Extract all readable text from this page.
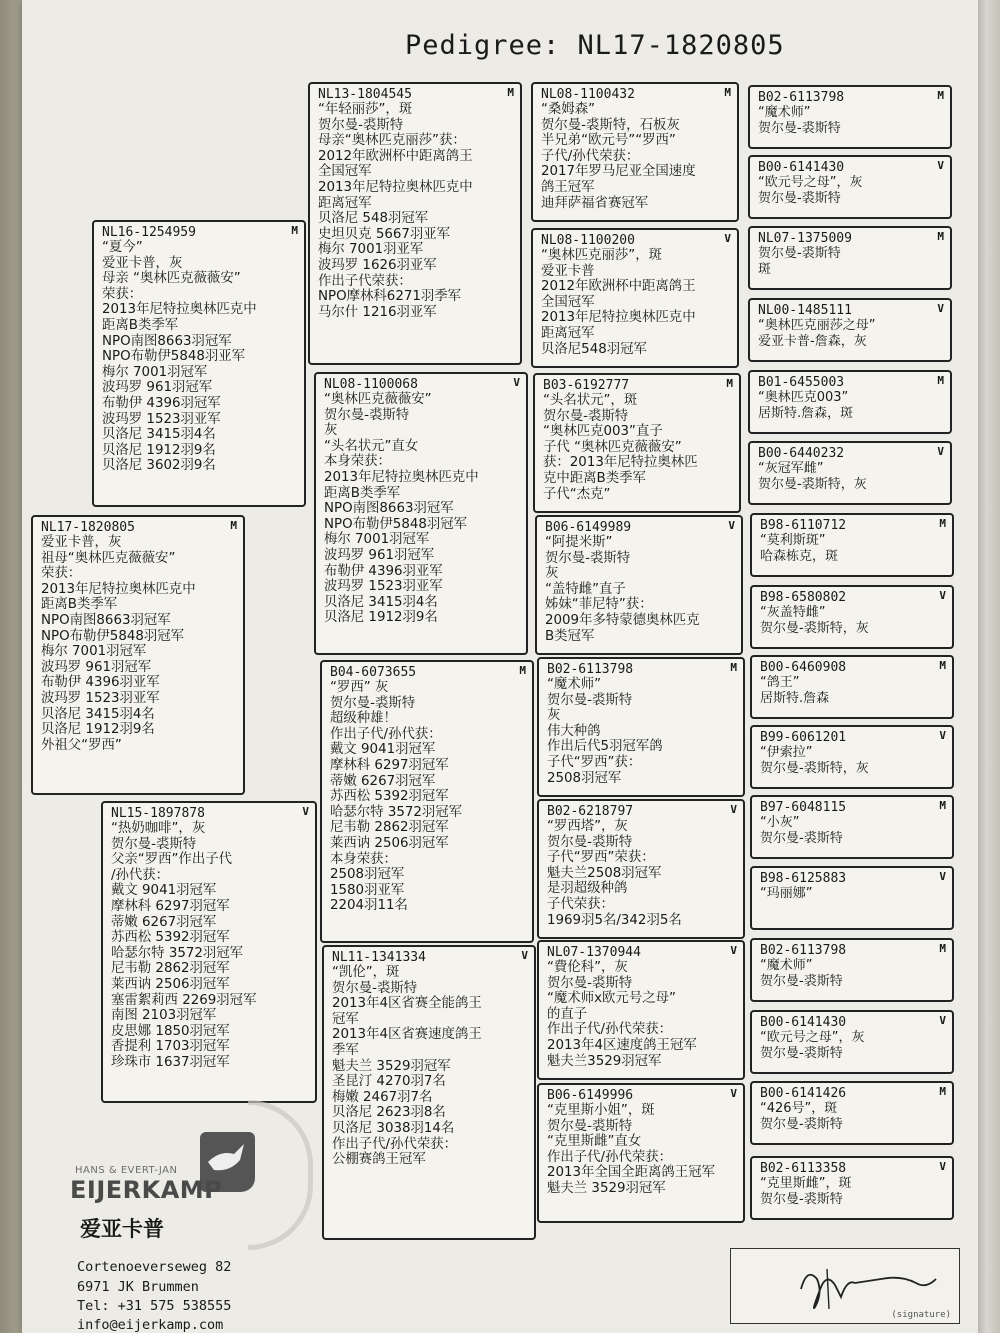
Pedigree: NL17-1820805
NL17-1820805	M
爱亚卡普，灰
祖母“奥林匹克薇薇安”
荣获：
2013年尼特拉奥林匹克中
距离B类季军
NPO南图8663羽冠军
NPO布勒伊5848羽冠军
梅尔 7001羽冠军
波玛罗 961羽冠军
布勒伊 4396羽亚军
波玛罗 1523羽亚军
贝洛尼 3415羽4名
贝洛尼 1912羽9名
外祖父“罗西”
NL16-1254959	M
“夏今”
爱亚卡普，灰
母亲 “奥林匹克薇薇安”
荣获：
2013年尼特拉奥林匹克中
距离B类季军
NPO南图8663羽冠军
NPO布勒伊5848羽亚军
梅尔 7001羽冠军
波玛罗 961羽冠军
布勒伊 4396羽冠军
波玛罗 1523羽亚军
贝洛尼 3415羽4名
贝洛尼 1912羽9名
贝洛尼 3602羽9名
NL15-1897878	V
“热奶咖啡”，灰
贺尔曼-裘斯特
父亲“罗西”作出子代
/孙代获：
戴文 9041羽冠军
摩林科 6297羽冠军
蒂嫩 6267羽冠军
苏西松 5392羽冠军
哈瑟尔特 3572羽冠军
尼韦勒 2862羽冠军
莱西讷 2506羽冠军
塞雷絮莉西 2269羽冠军
南图 2103羽冠军
皮思娜 1850羽冠军
香提利 1703羽冠军
珍珠市 1637羽冠军
NL13-1804545	M
“年轻丽莎”，斑
贺尔曼-裘斯特
母亲“奥林匹克丽莎”获：
2012年欧洲杯中距离鸽王
全国冠军
2013年尼特拉奥林匹克中
距离冠军
贝洛尼 548羽冠军
史坦贝克 5667羽亚军
梅尔 7001羽亚军
波玛罗 1626羽亚军
作出子代荣获：
NPO摩林科6271羽季军
马尔什 1216羽亚军
NL08-1100068	V
“奥林匹克薇薇安”
贺尔曼-裘斯特
灰
“头名状元”直女
本身荣获：
2013年尼特拉奥林匹克中
距离B类季军
NPO南图8663羽冠军
NPO布勒伊5848羽冠军
梅尔 7001羽冠军
波玛罗 961羽冠军
布勒伊 4396羽亚军
波玛罗 1523羽亚军
贝洛尼 3415羽4名
贝洛尼 1912羽9名
B04-6073655	M
“罗西” 灰
贺尔曼-裘斯特
超级种雄！
作出子代/孙代获：
戴文 9041羽冠军
摩林科 6297羽冠军
蒂嫩 6267羽冠军
苏西松 5392羽冠军
哈瑟尔特 3572羽冠军
尼韦勒 2862羽冠军
莱西讷 2506羽冠军
本身荣获：
2508羽冠军
1580羽亚军
2204羽11名
NL11-1341334	V
“凯伦”，斑
贺尔曼-裘斯特
2013年4区省赛全能鸽王
冠军
2013年4区省赛速度鸽王
季军
魁夫兰 3529羽冠军
圣昆汀 4270羽7名
梅嫩 2467羽7名
贝洛尼 2623羽8名
贝洛尼 3038羽14名
作出子代/孙代荣获：
公棚赛鸽王冠军
NL08-1100432	M
“桑姆森”
贺尔曼-裘斯特，石板灰
半兄弟“欧元号”“罗西”
子代/孙代荣获：
2017年罗马尼亚全国速度
鸽王冠军
迪拜萨福省赛冠军
NL08-1100200	V
“奥林匹克丽莎”，斑
爱亚卡普
2012年欧洲杯中距离鸽王
全国冠军
2013年尼特拉奥林匹克中
距离冠军
贝洛尼548羽冠军
B03-6192777	M
“头名状元”，斑
贺尔曼-裘斯特
“奥林匹克003”直子
子代 “奥林匹克薇薇安”
获：2013年尼特拉奥林匹
克中距离B类季军
子代“杰克”
B06-6149989	V
“阿提米斯”
贺尔曼-裘斯特
灰
“盖特雌”直子
姊妹“菲尼特”获：
2009年多特蒙德奥林匹克
B类冠军
B02-6113798	M
“魔术师”
贺尔曼-裘斯特
灰
伟大种鸽
作出后代5羽冠军鸽
子代“罗西”获：
2508羽冠军
B02-6218797	V
“罗西塔”，灰
贺尔曼-裘斯特
子代“罗西”荣获：
魁夫兰2508羽冠军
是羽超级种鸽
子代荣获：
1969羽5名/342羽5名
NL07-1370944	V
“費伦科”，灰
贺尔曼-裘斯特
“魔术师x欧元号之母”
的直子
作出子代/孙代荣获：
2013年4区速度鸽王冠军
魁夫兰3529羽冠军
B06-6149996	V
“克里斯小姐”，斑
贺尔曼-裘斯特
“克里斯雌”直女
作出子代/孙代荣获：
2013年全国全距离鸽王冠军
魁夫兰 3529羽冠军
B02-6113798	M
“魔术师”
贺尔曼-裘斯特
B00-6141430	V
“欧元号之母”，灰
贺尔曼-裘斯特
NL07-1375009	M
贺尔曼-裘斯特
斑
NL00-1485111	V
“奥林匹克丽莎之母”
爱亚卡普-詹森，灰
B01-6455003	M
“奥林匹克003”
居斯特.詹森，斑
B00-6440232	V
“灰冠军雌”
贺尔曼-裘斯特，灰
B98-6110712	M
“莫利斯斑”
哈森栋克，斑
B98-6580802	V
“灰盖特雌”
贺尔曼-裘斯特，灰
B00-6460908	M
“鸽王”
居斯特.詹森
B99-6061201	V
“伊索拉”
贺尔曼-裘斯特，灰
B97-6048115	M
“小灰”
贺尔曼-裘斯特
B98-6125883	V
“玛丽娜”
B02-6113798	M
“魔术师”
贺尔曼-裘斯特
B00-6141430	V
“欧元号之母”，灰
贺尔曼-裘斯特
B00-6141426	M
“426号”，斑
贺尔曼-裘斯特
B02-6113358	V
“克里斯雌”，斑
贺尔曼-裘斯特
HANS & EVERT-JAN
EIJERKAMP
爱亚卡普
Cortenoeverseweg 82
6971 JK Brummen
Tel: +31 575 538555
info@eijerkamp.com
(signature)
